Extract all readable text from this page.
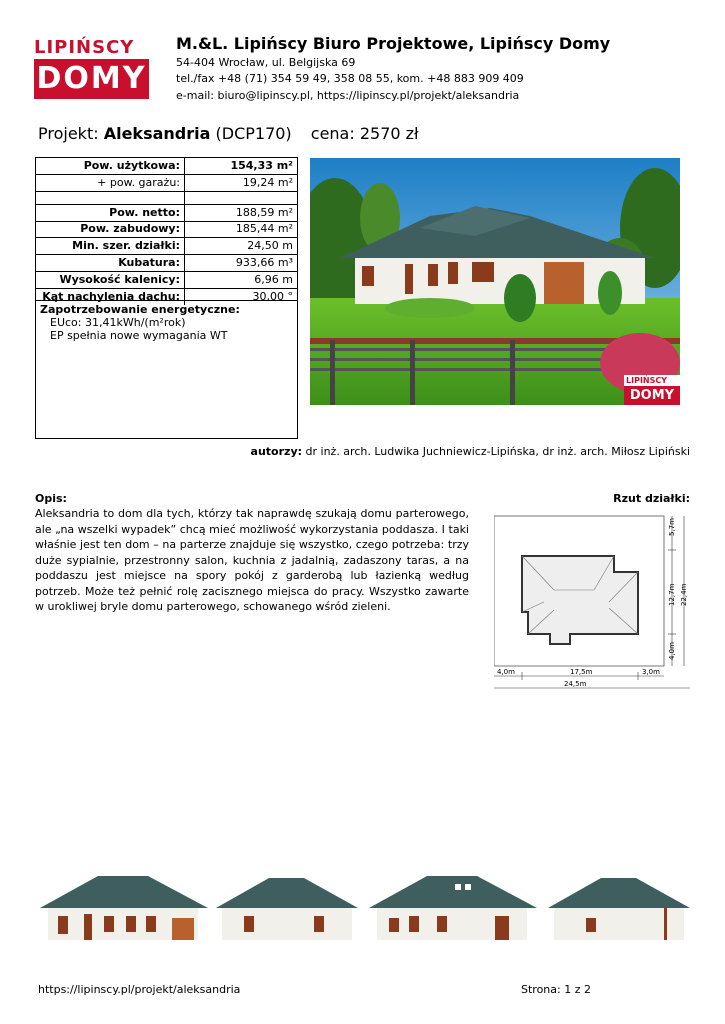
LIPIŃSCY
DOMY
M.&L. Lipińscy Biuro Projektowe, Lipińscy Domy
54-404 Wrocław, ul. Belgijska 69
tel./fax +48 (71) 354 59 49, 358 08 55, kom. +48 883 909 409
e-mail: biuro@lipinscy.pl, https://lipinscy.pl/projekt/aleksandria
Projekt: Aleksandria (DCP170) cena: 2570 zł
Pow. użytkowa:	154,33 m²
+ pow. garażu:	19,24 m²
Pow. netto:	188,59 m²
Pow. zabudowy:	185,44 m²
Min. szer. działki:	24,50 m
Kubatura:	933,66 m³
Wysokość kalenicy:	6,96 m
Kąt nachylenia dachu:	30,00 °
Zapotrzebowanie energetyczne:
EUco: 31,41kWh/(m²rok)
EP spełnia nowe wymagania WT
LIPIŃSCY
DOMY
autorzy: dr inż. arch. Ludwika Juchniewicz-Lipińska, dr inż. arch. Miłosz Lipiński
Opis:
Aleksandria to dom dla tych, którzy tak naprawdę szukają domu parterowego, ale „na wszelki wypadek” chcą mieć możliwość wykorzystania poddasza. I taki właśnie jest ten dom – na parterze znajduje się wszystko, czego potrzeba: trzy duże sypialnie, przestronny salon, kuchnia z jadalnią, zadaszony taras, a na poddaszu jest miejsce na spory pokój z garderobą lub łazienką według potrzeb. Może też pełnić rolę zacisznego miejsca do pracy. Wszystko zawarte w urokliwej bryle domu parterowego, schowanego wśród zieleni.
Rzut działki:
5,7m
12,7m
4,0m
22,4m
4,0m	17,5m	3,0m
24,5m
https://lipinscy.pl/projekt/aleksandria	Strona: 1 z 2
